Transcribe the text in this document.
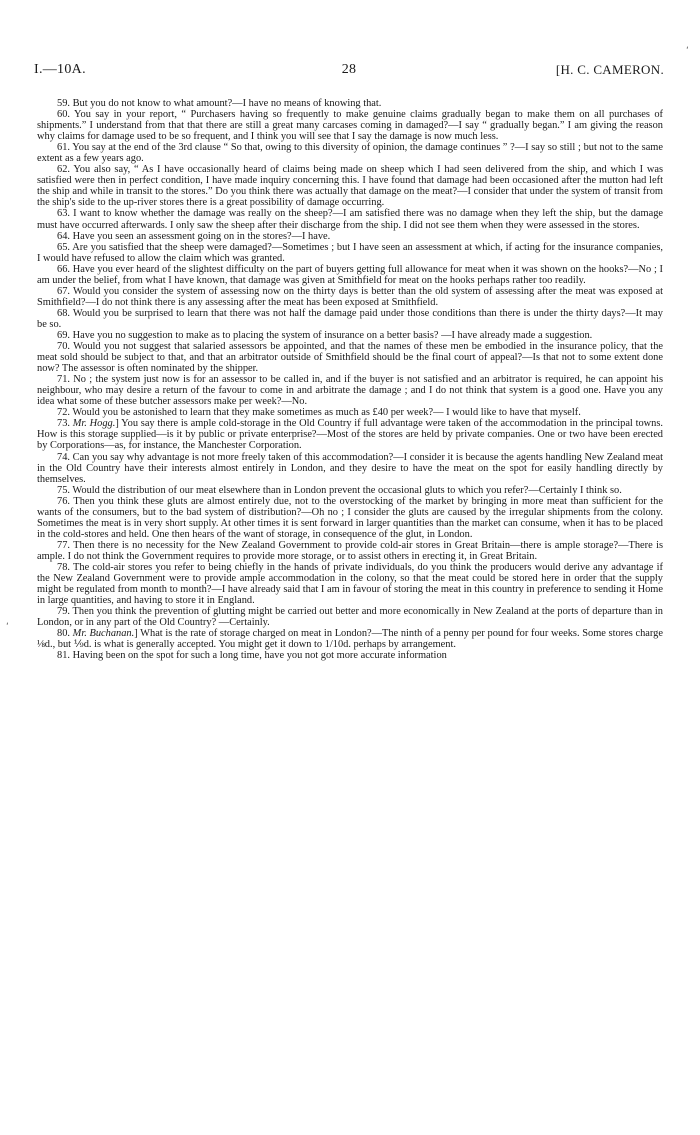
I.—10A.	28	[H. C. CAMERON.

59. But you do not know to what amount?—I have no means of knowing that.

60. You say in your report, “ Purchasers having so frequently to make genuine claims gradually began to make them on all purchases of shipments.” I understand from that that there are still a great many carcases coming in damaged?—I say “ gradually began.” I am giving the reason why claims for damage used to be so frequent, and I think you will see that I say the damage is now much less.

61. You say at the end of the 3rd clause “ So that, owing to this diversity of opinion, the damage continues ” ?—I say so still ; but not to the same extent as a few years ago.

62. You also say, “ As I have occasionally heard of claims being made on sheep which I had seen delivered from the ship, and which I was satisfied were then in perfect condition, I have made inquiry concerning this. I have found that damage had been occasioned after the mutton had left the ship and while in transit to the stores.” Do you think there was actually that damage on the meat?—I consider that under the system of transit from the ship's side to the up-river stores there is a great possibility of damage occurring.

63. I want to know whether the damage was really on the sheep?—I am satisfied there was no damage when they left the ship, but the damage must have occurred afterwards. I only saw the sheep after their discharge from the ship. I did not see them when they were assessed in the stores.

64. Have you seen an assessment going on in the stores?—I have.

65. Are you satisfied that the sheep were damaged?—Sometimes ; but I have seen an assessment at which, if acting for the insurance companies, I would have refused to allow the claim which was granted.

66. Have you ever heard of the slightest difficulty on the part of buyers getting full allowance for meat when it was shown on the hooks?—No ; I am under the belief, from what I have known, that damage was given at Smithfield for meat on the hooks perhaps rather too readily.

67. Would you consider the system of assessing now on the thirty days is better than the old system of assessing after the meat was exposed at Smithfield?—I do not think there is any assessing after the meat has been exposed at Smithfield.

68. Would you be surprised to learn that there was not half the damage paid under those conditions than there is under the thirty days?—It may be so.

69. Have you no suggestion to make as to placing the system of insurance on a better basis? —I have already made a suggestion.

70. Would you not suggest that salaried assessors be appointed, and that the names of these men be embodied in the insurance policy, that the meat sold should be subject to that, and that an arbitrator outside of Smithfield should be the final court of appeal?—Is that not to some extent done now? The assessor is often nominated by the shipper.

71. No ; the system just now is for an assessor to be called in, and if the buyer is not satisfied and an arbitrator is required, he can appoint his neighbour, who may desire a return of the favour to come in and arbitrate the damage ; and I do not think that system is a good one. Have you any idea what some of these butcher assessors make per week?—No.

72. Would you be astonished to learn that they make sometimes as much as £40 per week?— I would like to have that myself.

73. Mr. Hogg.] You say there is ample cold-storage in the Old Country if full advantage were taken of the accommodation in the principal towns. How is this storage supplied—is it by public or private enterprise?—Most of the stores are held by private companies. One or two have been erected by Corporations—as, for instance, the Manchester Corporation.

74. Can you say why advantage is not more freely taken of this accommodation?—I consider it is because the agents handling New Zealand meat in the Old Country have their interests almost entirely in London, and they desire to have the meat on the spot for easily handling directly by themselves.

75. Would the distribution of our meat elsewhere than in London prevent the occasional gluts to which you refer?—Certainly I think so.

76. Then you think these gluts are almost entirely due, not to the overstocking of the market by bringing in more meat than sufficient for the wants of the consumers, but to the bad system of distribution?—Oh no ; I consider the gluts are caused by the irregular shipments from the colony. Sometimes the meat is in very short supply. At other times it is sent forward in larger quantities than the market can consume, when it has to be placed in the cold-stores and held. One then hears of the want of storage, in consequence of the glut, in London.

77. Then there is no necessity for the New Zealand Government to provide cold-air stores in Great Britain—there is ample storage?—There is ample. I do not think the Government requires to provide more storage, or to assist others in erecting it, in Great Britain.

78. The cold-air stores you refer to being chiefly in the hands of private individuals, do you think the producers would derive any advantage if the New Zealand Government were to provide ample accommodation in the colony, so that the meat could be stored here in order that the supply might be regulated from month to month?—I have already said that I am in favour of storing the meat in this country in preference to sending it Home in large quantities, and having to store it in England.

79. Then you think the prevention of glutting might be carried out better and more economically in New Zealand at the ports of departure than in London, or in any part of the Old Country? —Certainly.

80. Mr. Buchanan.] What is the rate of storage charged on meat in London?—The ninth of a penny per pound for four weeks. Some stores charge ⅛d., but ⅑d. is what is generally accepted. You might get it down to 1/10d. perhaps by arrangement.

81. Having been on the spot for such a long time, have you not got more accurate information

‘
‘
